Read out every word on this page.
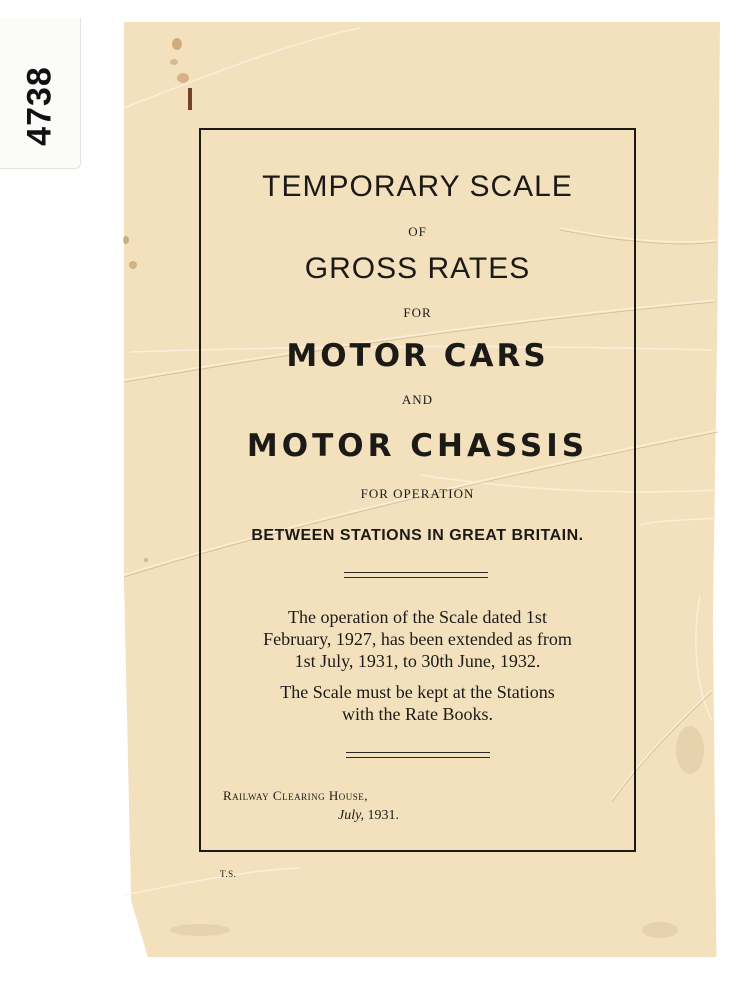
4738
TEMPORARY SCALE
OF
GROSS RATES
FOR
MOTOR CARS
AND
MOTOR CHASSIS
FOR OPERATION
BETWEEN STATIONS IN GREAT BRITAIN.
The operation of the Scale dated 1st
February, 1927, has been extended as from
1st July, 1931, to 30th June, 1932.
The Scale must be kept at the Stations
with the Rate Books.
Railway Clearing House,
July, 1931.
T.S.
